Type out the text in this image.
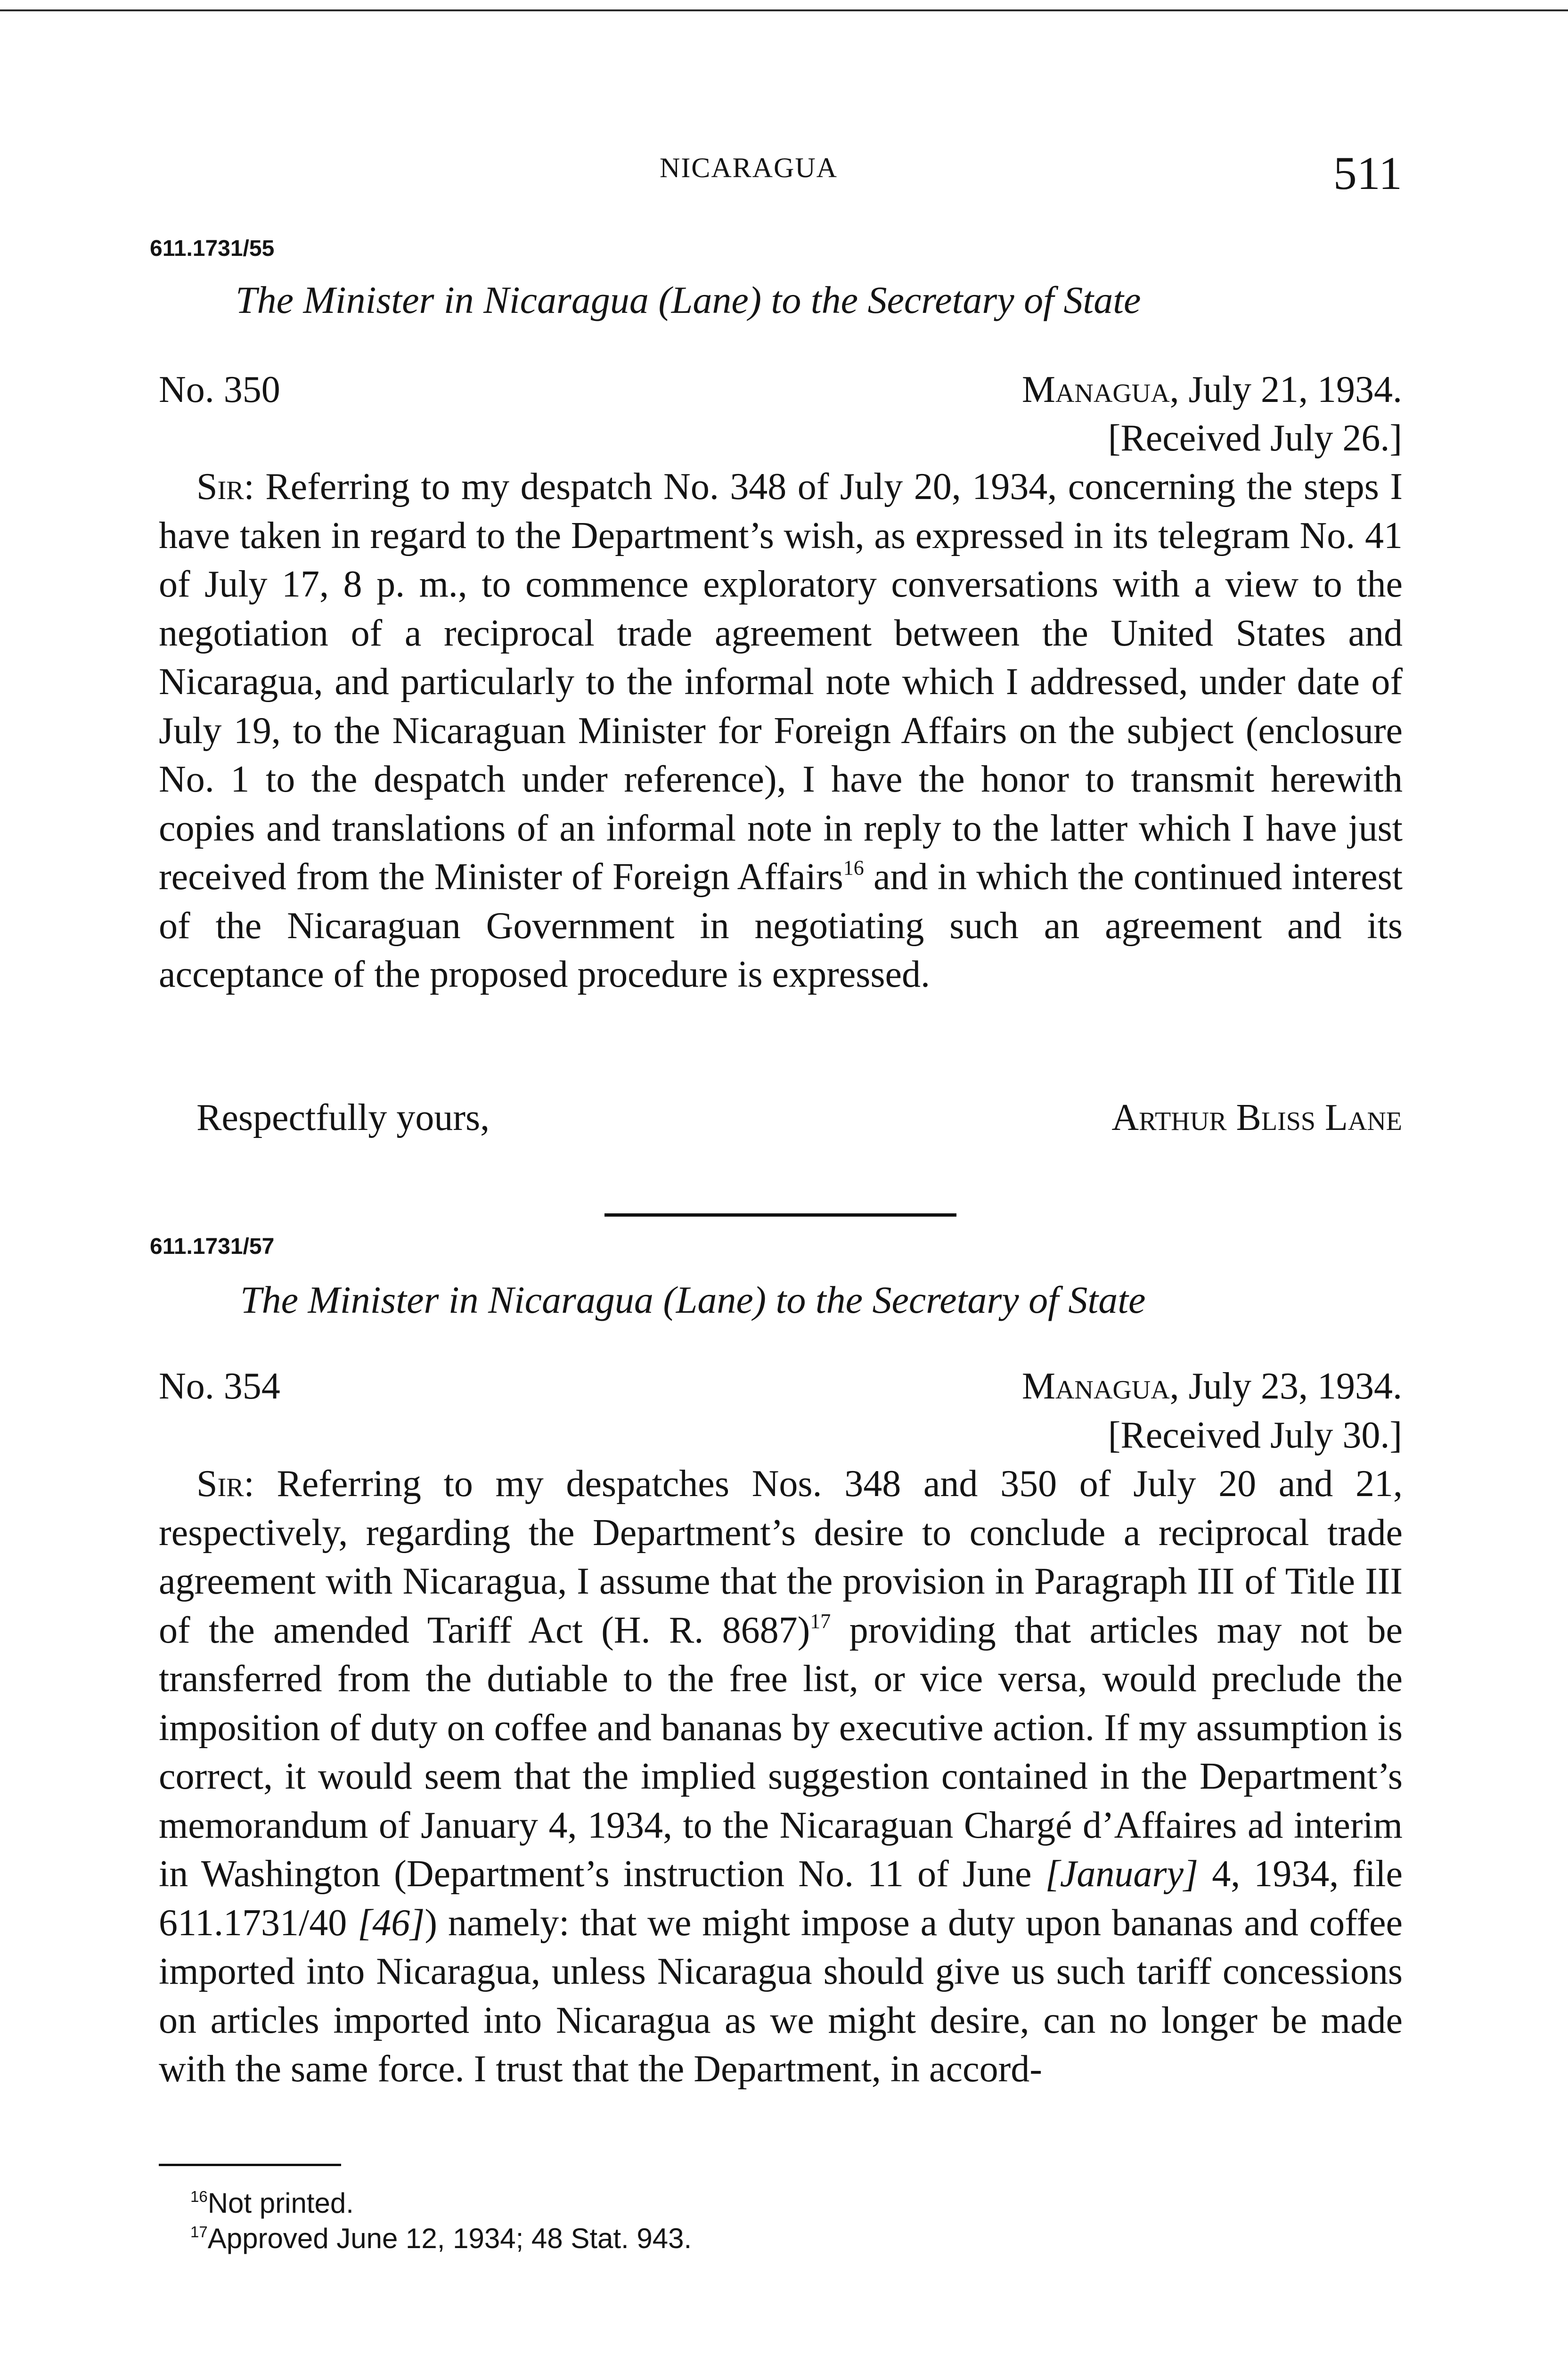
NICARAGUA	511
611.1731/55
The Minister in Nicaragua (Lane) to the Secretary of State
No. 350	Managua, July 21, 1934.
[Received July 26.]
Sir: Referring to my despatch No. 348 of July 20, 1934, concerning the steps I have taken in regard to the Department’s wish, as expressed in its telegram No. 41 of July 17, 8 p. m., to commence exploratory conversations with a view to the negotiation of a reciprocal trade agreement between the United States and Nicaragua, and particularly to the informal note which I addressed, under date of July 19, to the Nicaraguan Minister for Foreign Affairs on the subject (enclosure No. 1 to the despatch under reference), I have the honor to transmit herewith copies and translations of an informal note in reply to the latter which I have just received from the Minister of Foreign Affairs$^{16}$ and in which the continued interest of the Nicaraguan Government in negotiating such an agreement and its acceptance of the proposed procedure is expressed.
Respectfully yours,	Arthur Bliss Lane
611.1731/57
The Minister in Nicaragua (Lane) to the Secretary of State
No. 354	Managua, July 23, 1934.
[Received July 30.]
Sir: Referring to my despatches Nos. 348 and 350 of July 20 and 21, respectively, regarding the Department’s desire to conclude a reciprocal trade agreement with Nicaragua, I assume that the provision in Paragraph III of Title III of the amended Tariff Act (H. R. 8687)$^{17}$ providing that articles may not be transferred from the dutiable to the free list, or vice versa, would preclude the imposition of duty on coffee and bananas by executive action. If my assumption is correct, it would seem that the implied suggestion contained in the Department’s memorandum of January 4, 1934, to the Nicaraguan Chargé d’Affaires ad interim in Washington (Department’s instruction No. 11 of June [January] 4, 1934, file 611.1731/40 [46]) namely: that we might impose a duty upon bananas and coffee imported into Nicaragua, unless Nicaragua should give us such tariff concessions on articles imported into Nicaragua as we might desire, can no longer be made with the same force. I trust that the Department, in accord-
$^{16}$Not printed.
$^{17}$Approved June 12, 1934; 48 Stat. 943.
